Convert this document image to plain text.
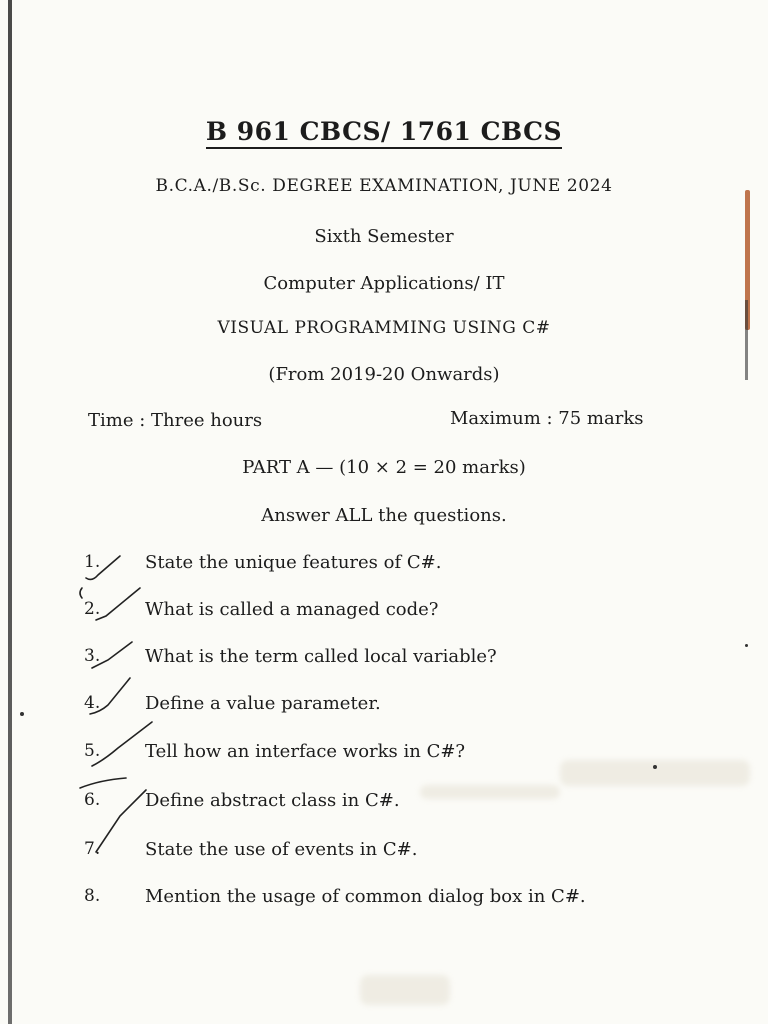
B 961 CBCS/ 1761 CBCS
B.C.A./B.Sc. DEGREE EXAMINATION, JUNE 2024
Sixth Semester
Computer Applications/ IT
VISUAL PROGRAMMING USING C#
(From 2019-20 Onwards)
Time : Three hours	Maximum : 75 marks
PART A — (10 × 2 = 20 marks)
Answer ALL the questions.
1. State the unique features of C#.
2. What is called a managed code?
3. What is the term called local variable?
4. Define a value parameter.
5. Tell how an interface works in C#?
6. Define abstract class in C#.
7. State the use of events in C#.
8. Mention the usage of common dialog box in C#.
